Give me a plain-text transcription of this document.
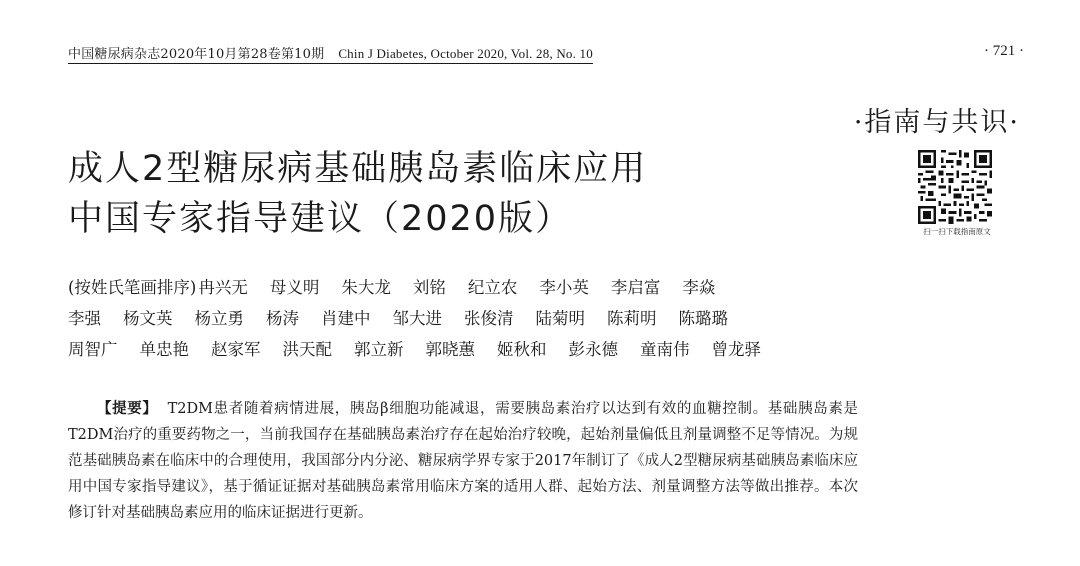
中国糖尿病杂志2020年10月第28卷第10期 Chin J Diabetes, October 2020, Vol. 28, No. 10	· 721 ·
·指南与共识·
扫一扫下载指南原文
成人2型糖尿病基础胰岛素临床应用
中国专家指导建议（2020版）
(按姓氏笔画排序) 冉兴无 母义明 朱大龙 刘铭 纪立农 李小英 李启富 李焱
李强 杨文英 杨立勇 杨涛 肖建中 邹大进 张俊清 陆菊明 陈莉明 陈璐璐
周智广 单忠艳 赵家军 洪天配 郭立新 郭晓蕙 姬秋和 彭永德 童南伟 曾龙驿
【提要】 T2DM患者随着病情进展，胰岛β细胞功能减退，需要胰岛素治疗以达到有效的血糖控制。基础胰岛素是T2DM治疗的重要药物之一，当前我国存在基础胰岛素治疗存在起始治疗较晚，起始剂量偏低且剂量调整不足等情况。为规范基础胰岛素在临床中的合理使用，我国部分内分泌、糖尿病学界专家于2017年制订了《成人2型糖尿病基础胰岛素临床应用中国专家指导建议》，基于循证证据对基础胰岛素常用临床方案的适用人群、起始方法、剂量调整方法等做出推荐。本次修订针对基础胰岛素应用的临床证据进行更新。
